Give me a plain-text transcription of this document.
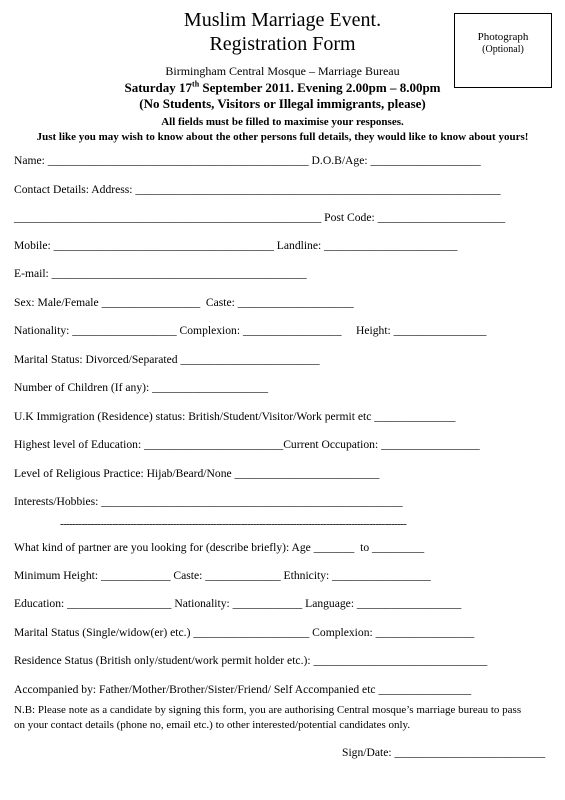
Photograph
(Optional)
Muslim Marriage Event.
Registration Form
Birmingham Central Mosque – Marriage Bureau
Saturday 17th September 2011. Evening 2.00pm – 8.00pm
(No Students, Visitors or Illegal immigrants, please)
All fields must be filled to maximise your responses.
Just like you may wish to know about the other persons full details, they would like to know about yours!
Name: _____________________________________________ D.O.B/Age: ___________________
Contact Details: Address: _______________________________________________________________
_____________________________________________________ Post Code: ______________________
Mobile: ______________________________________ Landline: _______________________
E-mail: ____________________________________________
Sex: Male/Female _________________  Caste: ____________________
Nationality: __________________ Complexion: _________________     Height: ________________
Marital Status: Divorced/Separated ________________________
Number of Children (If any): ____________________
U.K Immigration (Residence) status: British/Student/Visitor/Work permit etc ______________
Highest level of Education: ________________________Current Occupation: _________________
Level of Religious Practice: Hijab/Beard/None _________________________
Interests/Hobbies: ____________________________________________________
-----------------------------------------------------------------------------------------------------------------
What kind of partner are you looking for (describe briefly): Age _______  to _________
Minimum Height: ____________ Caste: _____________ Ethnicity: _________________
Education: __________________ Nationality: ____________ Language: __________________
Marital Status (Single/widow(er) etc.) ____________________ Complexion: _________________
Residence Status (British only/student/work permit holder etc.): ______________________________
Accompanied by: Father/Mother/Brother/Sister/Friend/ Self Accompanied etc ________________
N.B: Please note as a candidate by signing this form, you are authorising Central mosque’s marriage bureau to pass
on your contact details (phone no, email etc.) to other interested/potential candidates only.
Sign/Date: __________________________
